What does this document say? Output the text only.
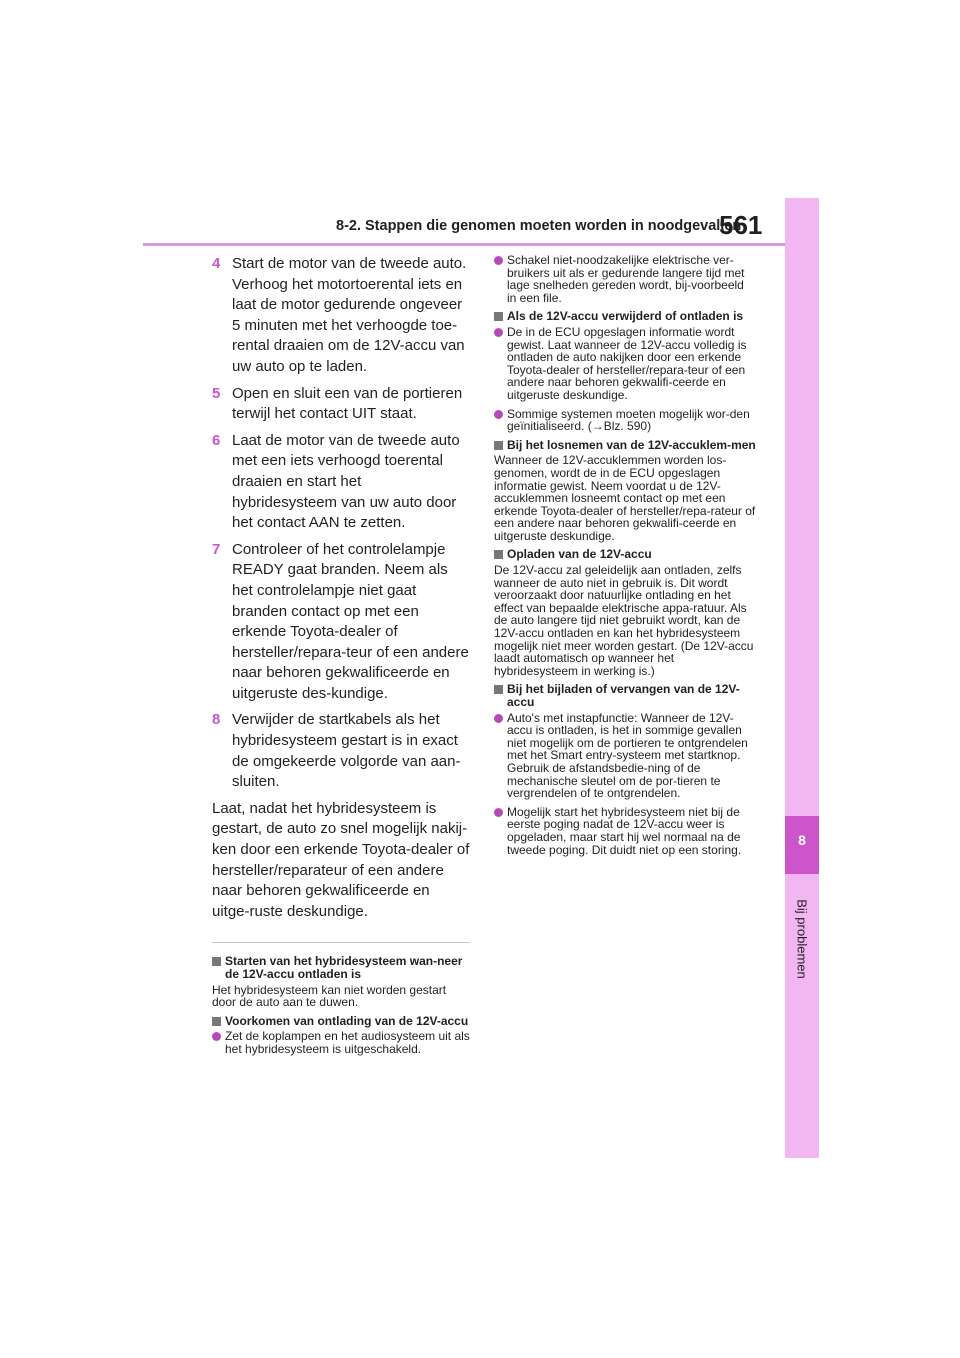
8-2. Stappen die genomen moeten worden in noodgevallen
561
8
Bij problemen
4 Start de motor van de tweede auto. Verhoog het motortoerental iets en laat de motor gedurende ongeveer 5 minuten met het verhoogde toe-rental draaien om de 12V-accu van uw auto op te laden.
5 Open en sluit een van de portieren terwijl het contact UIT staat.
6 Laat de motor van de tweede auto met een iets verhoogd toerental draaien en start het hybridesysteem van uw auto door het contact AAN te zetten.
7 Controleer of het controlelampje READY gaat branden. Neem als het controlelampje niet gaat branden contact op met een erkende Toyota-dealer of hersteller/repara-teur of een andere naar behoren gekwalificeerde en uitgeruste des-kundige.
8 Verwijder de startkabels als het hybridesysteem gestart is in exact de omgekeerde volgorde van aan-sluiten.

Laat, nadat het hybridesysteem is gestart, de auto zo snel mogelijk nakij-ken door een erkende Toyota-dealer of hersteller/reparateur of een andere naar behoren gekwalificeerde en uitge-ruste deskundige.

Starten van het hybridesysteem wan-neer de 12V-accu ontladen is

Het hybridesysteem kan niet worden gestart door de auto aan te duwen.

Voorkomen van ontlading van de 12V-accu
Zet de koplampen en het audiosysteem uit als het hybridesysteem is uitgeschakeld.
Schakel niet-noodzakelijke elektrische ver-bruikers uit als er gedurende langere tijd met lage snelheden gereden wordt, bij-voorbeeld in een file.
Als de 12V-accu verwijderd of ontladen is
De in de ECU opgeslagen informatie wordt gewist. Laat wanneer de 12V-accu volledig is ontladen de auto nakijken door een erkende Toyota-dealer of hersteller/repara-teur of een andere naar behoren gekwalifi-ceerde en uitgeruste deskundige.
Sommige systemen moeten mogelijk wor-den geïnitialiseerd. (→Blz. 590)
Bij het losnemen van de 12V-accuklem-men

Wanneer de 12V-accuklemmen worden los-genomen, wordt de in de ECU opgeslagen informatie gewist. Neem voordat u de 12V-accuklemmen losneemt contact op met een erkende Toyota-dealer of hersteller/repa-rateur of een andere naar behoren gekwalifi-ceerde en uitgeruste deskundige.

Opladen van de 12V-accu

De 12V-accu zal geleidelijk aan ontladen, zelfs wanneer de auto niet in gebruik is. Dit wordt veroorzaakt door natuurlijke ontlading en het effect van bepaalde elektrische appa-ratuur. Als de auto langere tijd niet gebruikt wordt, kan de 12V-accu ontladen en kan het hybridesysteem mogelijk niet meer worden gestart. (De 12V-accu laadt automatisch op wanneer het hybridesysteem in werking is.)

Bij het bijladen of vervangen van de 12V-accu
Auto's met instapfunctie: Wanneer de 12V-accu is ontladen, is het in sommige gevallen niet mogelijk om de portieren te ontgrendelen met het Smart entry-systeem met startknop. Gebruik de afstandsbedie-ning of de mechanische sleutel om de por-tieren te vergrendelen of te ontgrendelen.
Mogelijk start het hybridesysteem niet bij de eerste poging nadat de 12V-accu weer is opgeladen, maar start hij wel normaal na de tweede poging. Dit duidt niet op een storing.
